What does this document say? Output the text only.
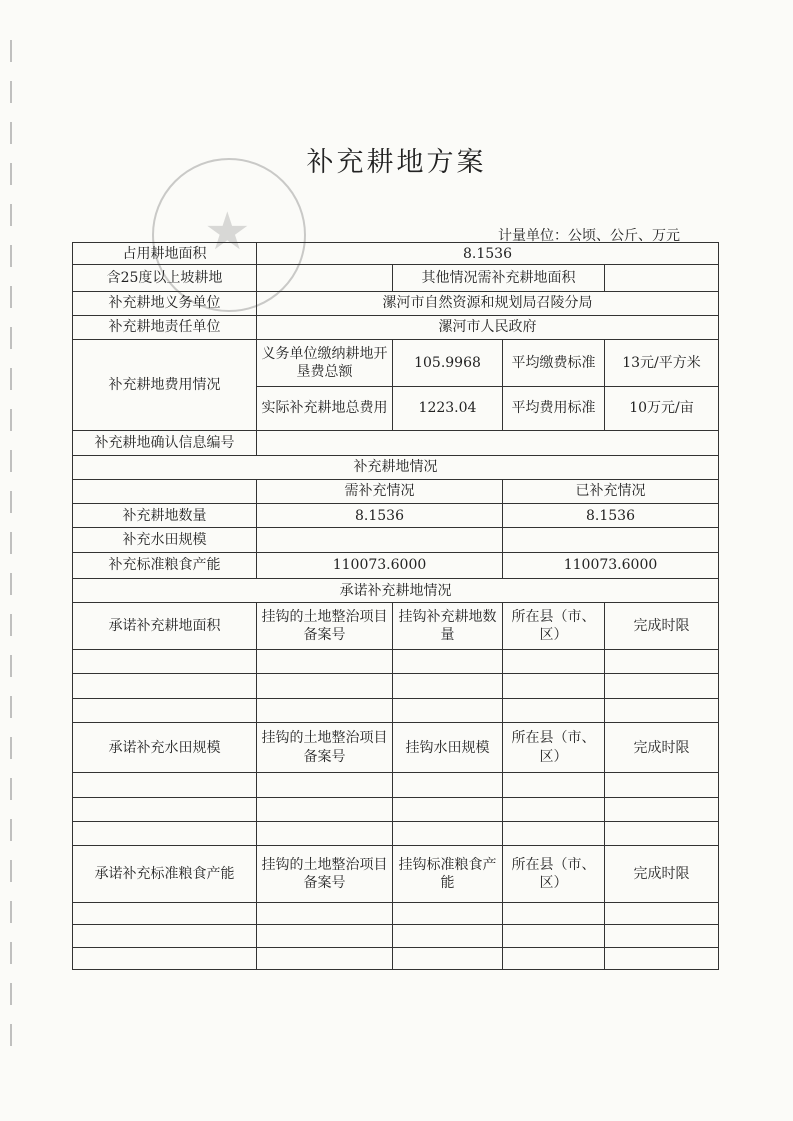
★
补充耕地方案
计量单位：公顷、公斤、万元
占用耕地面积	8.1536			
含25度以上坡耕地		其他情况需补充耕地面积		
补充耕地义务单位	漯河市自然资源和规划局召陵分局			
补充耕地责任单位	漯河市人民政府			
补充耕地费用情况	义务单位缴纳耕地开垦费总额	105.9968	平均缴费标准	13元/平方米
	实际补充耕地总费用	1223.04	平均费用标准	10万元/亩
补充耕地确认信息编号				
补充耕地情况				
	需补充情况		已补充情况	
补充耕地数量	8.1536		8.1536	
补充水田规模				
补充标准粮食产能	110073.6000		110073.6000	
承诺补充耕地情况				
承诺补充耕地面积	挂钩的土地整治项目备案号	挂钩补充耕地数量	所在县（市、区）	完成时限

承诺补充水田规模	挂钩的土地整治项目备案号	挂钩水田规模	所在县（市、区）	完成时限

承诺补充标准粮食产能	挂钩的土地整治项目备案号	挂钩标准粮食产能	所在县（市、区）	完成时限
